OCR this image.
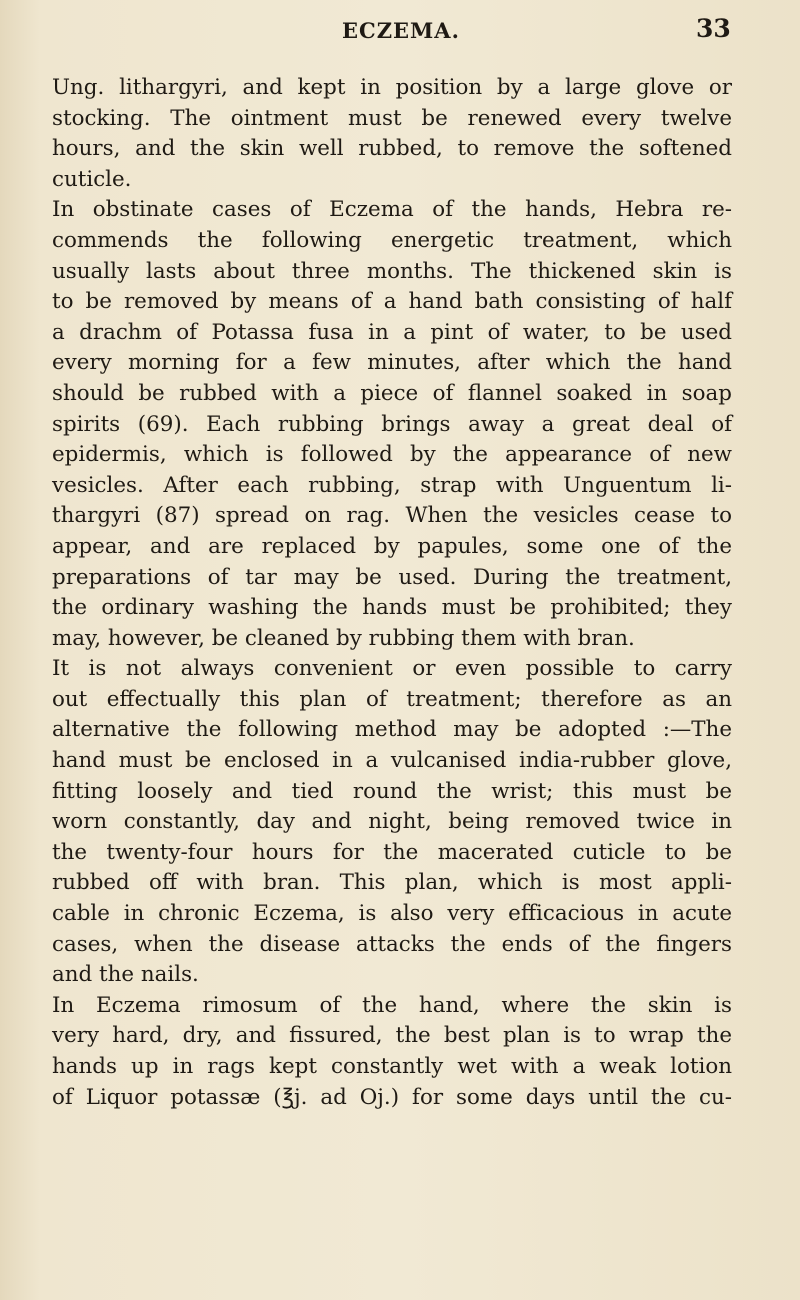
ECZEMA.	33
Ung. lithargyri, and kept in position by a large glove or
stocking. The ointment must be renewed every twelve
hours, and the skin well rubbed, to remove the softened
cuticle.
In obstinate cases of Eczema of the hands, Hebra re-
commends the following energetic treatment, which
usually lasts about three months. The thickened skin is
to be removed by means of a hand bath consisting of half
a drachm of Potassa fusa in a pint of water, to be used
every morning for a few minutes, after which the hand
should be rubbed with a piece of flannel soaked in soap
spirits (69). Each rubbing brings away a great deal of
epidermis, which is followed by the appearance of new
vesicles. After each rubbing, strap with Unguentum li-
thargyri (87) spread on rag. When the vesicles cease to
appear, and are replaced by papules, some one of the
preparations of tar may be used. During the treatment,
the ordinary washing the hands must be prohibited; they
may, however, be cleaned by rubbing them with bran.
It is not always convenient or even possible to carry
out effectually this plan of treatment; therefore as an
alternative the following method may be adopted :—The
hand must be enclosed in a vulcanised india-rubber glove,
fitting loosely and tied round the wrist; this must be
worn constantly, day and night, being removed twice in
the twenty-four hours for the macerated cuticle to be
rubbed off with bran. This plan, which is most appli-
cable in chronic Eczema, is also very efficacious in acute
cases, when the disease attacks the ends of the fingers
and the nails.
In Eczema rimosum of the hand, where the skin is
very hard, dry, and fissured, the best plan is to wrap the
hands up in rags kept constantly wet with a weak lotion
of Liquor potassæ (℥j. ad Oj.) for some days until the cu-
